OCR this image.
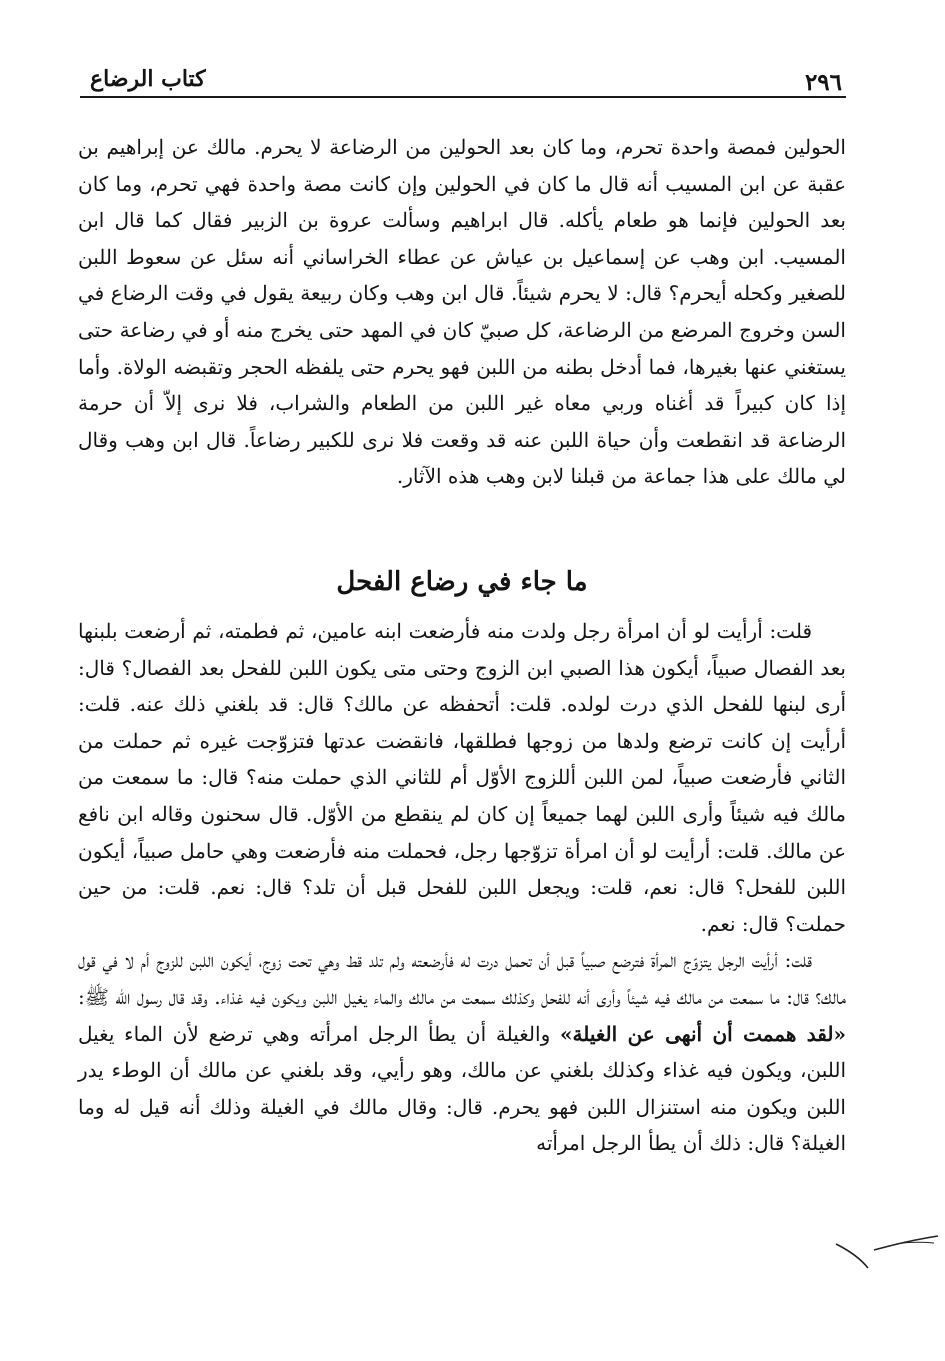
كتاب الرضاع	٢٩٦

الحولين فمصة واحدة تحرم، وما كان بعد الحولين من الرضاعة لا يحرم. مالك عن إبراهيم بن عقبة عن ابن المسيب أنه قال ما كان في الحولين وإن كانت مصة واحدة فهي تحرم، وما كان بعد الحولين فإنما هو طعام يأكله. قال ابراهيم وسألت عروة بن الزبير فقال كما قال ابن المسيب. ابن وهب عن إسماعيل بن عياش عن عطاء الخراساني أنه سئل عن سعوط اللبن للصغير وكحله أيحرم؟ قال: لا يحرم شيئاً. قال ابن وهب وكان ربيعة يقول في وقت الرضاع في السن وخروج المرضع من الرضاعة، كل صبيّ كان في المهد حتى يخرج منه أو في رضاعة حتى يستغني عنها بغيرها، فما أدخل بطنه من اللبن فهو يحرم حتى يلفظه الحجر وتقبضه الولاة. وأما إذا كان كبيراً قد أغناه وربي معاه غير اللبن من الطعام والشراب، فلا نرى إلاّ أن حرمة الرضاعة قد انقطعت وأن حياة اللبن عنه قد وقعت فلا نرى للكبير رضاعاً. قال ابن وهب وقال لي مالك على هذا جماعة من قبلنا لابن وهب هذه الآثار.

ما جاء في رضاع الفحل

قلت: أرأيت لو أن امرأة رجل ولدت منه فأرضعت ابنه عامين، ثم فطمته، ثم أرضعت بلبنها بعد الفصال صبياً، أيكون هذا الصبي ابن الزوج وحتى متى يكون اللبن للفحل بعد الفصال؟ قال: أرى لبنها للفحل الذي درت لولده. قلت: أتحفظه عن مالك؟ قال: قد بلغني ذلك عنه. قلت: أرأيت إن كانت ترضع ولدها من زوجها فطلقها، فانقضت عدتها فتزوّجت غيره ثم حملت من الثاني فأرضعت صبياً، لمن اللبن أللزوج الأوّل أم للثاني الذي حملت منه؟ قال: ما سمعت من مالك فيه شيئاً وأرى اللبن لهما جميعاً إن كان لم ينقطع من الأوّل. قال سحنون وقاله ابن نافع عن مالك. قلت: أرأيت لو أن امرأة تزوّجها رجل، فحملت منه فأرضعت وهي حامل صبياً، أيكون اللبن للفحل؟ قال: نعم، قلت: ويجعل اللبن للفحل قبل أن تلد؟ قال: نعم. قلت: من حين حملت؟ قال: نعم.

قلت: أرأيت الرجل يتزوّج المرأة فترضع صبياً قبل أن تحمل درت له فأرضعته ولم تلد قط وهي تحت زوج، أيكون اللبن للزوج أم لا في قول مالك؟ قال: ما سمعت من مالك فيه شيئاً وأرى أنه للفحل وكذلك سمعت من مالك والماء يغيل اللبن ويكون فيه غذاء. وقد قال رسول الله ﷺ: «لقد هممت أن أنهى عن الغيلة» والغيلة أن يطأ الرجل امرأته وهي ترضع لأن الماء يغيل اللبن، ويكون فيه غذاء وكذلك بلغني عن مالك، وهو رأيي، وقد بلغني عن مالك أن الوطء يدر اللبن ويكون منه استنزال اللبن فهو يحرم. قال: وقال مالك في الغيلة وذلك أنه قيل له وما الغيلة؟ قال: ذلك أن يطأ الرجل امرأته
